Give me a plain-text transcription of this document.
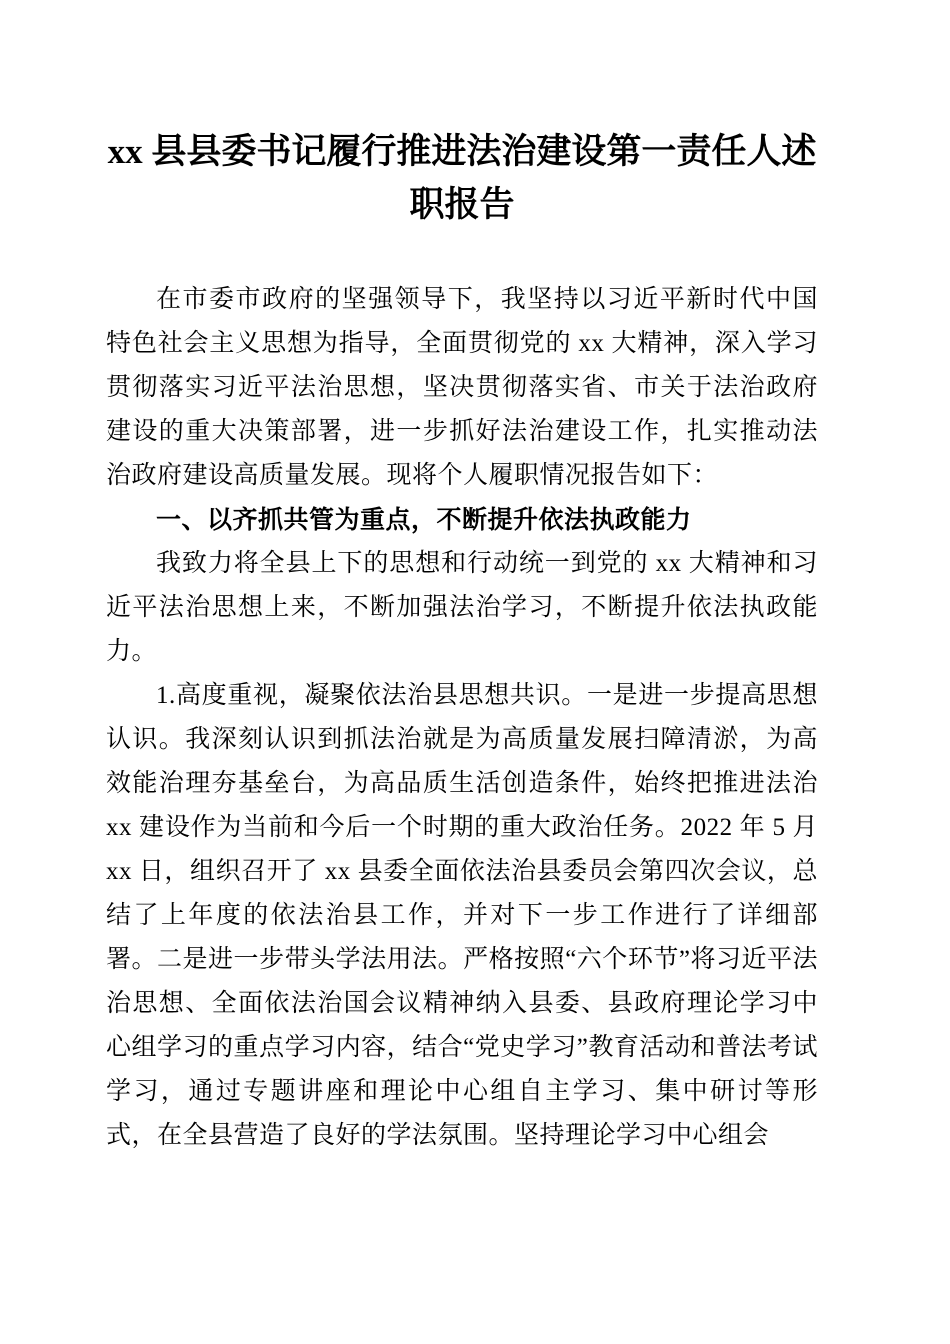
xx 县县委书记履行推进法治建设第一责任人述职报告

在市委市政府的坚强领导下，我坚持以习近平新时代中国特色社会主义思想为指导，全面贯彻党的 xx 大精神，深入学习贯彻落实习近平法治思想，坚决贯彻落实省、市关于法治政府建设的重大决策部署，进一步抓好法治建设工作，扎实推动法治政府建设高质量发展。现将个人履职情况报告如下：

一、以齐抓共管为重点，不断提升依法执政能力

我致力将全县上下的思想和行动统一到党的 xx 大精神和习近平法治思想上来，不断加强法治学习，不断提升依法执政能力。

1.高度重视，凝聚依法治县思想共识。一是进一步提高思想认识。我深刻认识到抓法治就是为高质量发展扫障清淤，为高效能治理夯基垒台，为高品质生活创造条件，始终把推进法治 xx 建设作为当前和今后一个时期的重大政治任务。2022 年 5 月 xx 日，组织召开了 xx 县委全面依法治县委员会第四次会议，总结了上年度的依法治县工作，并对下一步工作进行了详细部署。二是进一步带头学法用法。严格按照“六个环节”将习近平法治思想、全面依法治国会议精神纳入县委、县政府理论学习中心组学习的重点学习内容，结合“党史学习”教育活动和普法考试学习，通过专题讲座和理论中心组自主学习、集中研讨等形式，在全县营造了良好的学法氛围。坚持理论学习中心组会
